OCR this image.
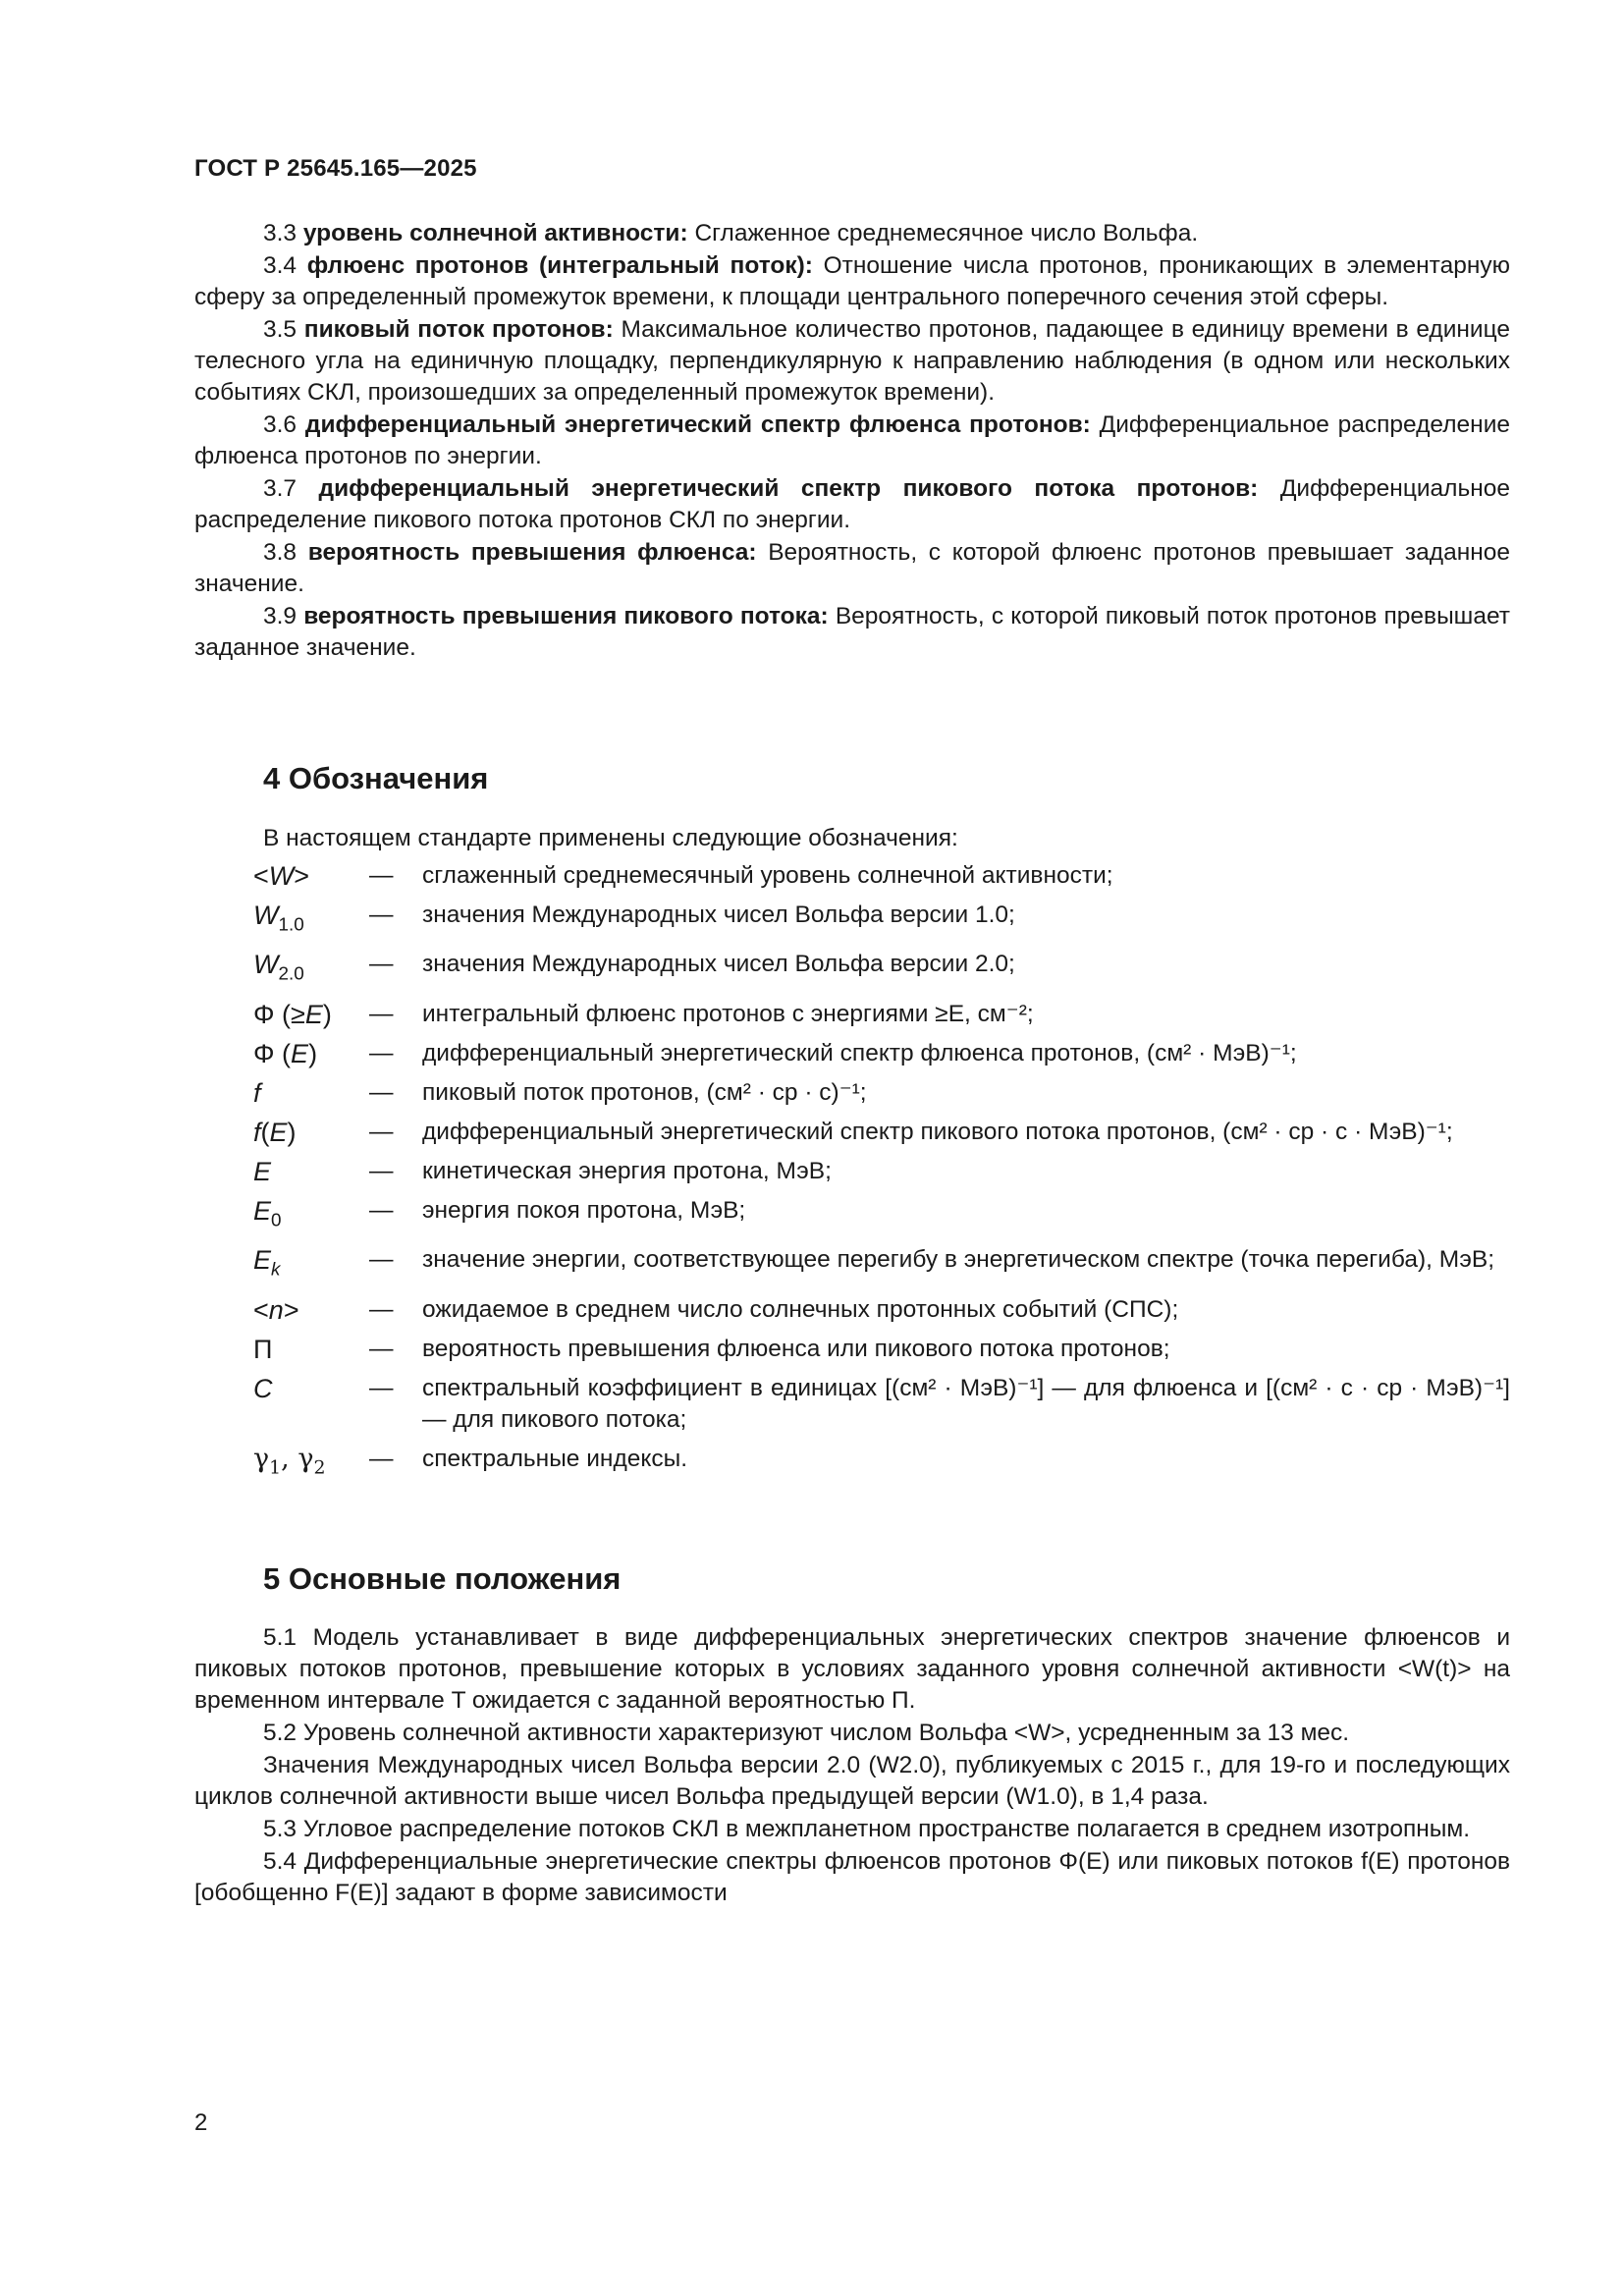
ГОСТ Р 25645.165—2025

3.3 уровень солнечной активности: Сглаженное среднемесячное число Вольфа.

3.4 флюенс протонов (интегральный поток): Отношение числа протонов, проникающих в элементарную сферу за определенный промежуток времени, к площади центрального поперечного сечения этой сферы.

3.5 пиковый поток протонов: Максимальное количество протонов, падающее в единицу времени в единице телесного угла на единичную площадку, перпендикулярную к направлению наблюдения (в одном или нескольких событиях СКЛ, произошедших за определенный промежуток времени).

3.6 дифференциальный энергетический спектр флюенса протонов: Дифференциальное распределение флюенса протонов по энергии.

3.7 дифференциальный энергетический спектр пикового потока протонов: Дифференциальное распределение пикового потока протонов СКЛ по энергии.

3.8 вероятность превышения флюенса: Вероятность, с которой флюенс протонов превышает заданное значение.

3.9 вероятность превышения пикового потока: Вероятность, с которой пиковый поток протонов превышает заданное значение.

4 Обозначения
В настоящем стандарте применены следующие обозначения:
<W>	—	сглаженный среднемесячный уровень солнечной активности;
$W_{1.0}$	—	значения Международных чисел Вольфа версии 1.0;
$W_{2.0}$	—	значения Международных чисел Вольфа версии 2.0;
Φ (≥E)	—	интегральный флюенс протонов с энергиями ≥E, см⁻²;
Φ (E)	—	дифференциальный энергетический спектр флюенса протонов, (см² · МэВ)⁻¹;
f	—	пиковый поток протонов, (см² · ср · с)⁻¹;
f(E)	—	дифференциальный энергетический спектр пикового потока протонов, (см² · ср · с · МэВ)⁻¹;
E	—	кинетическая энергия протона, МэВ;
$E_0$	—	энергия покоя протона, МэВ;
$E_k$	—	значение энергии, соответствующее перегибу в энергетическом спектре (точка перегиба), МэВ;
<n>	—	ожидаемое в среднем число солнечных протонных событий (СПС);
П	—	вероятность превышения флюенса или пикового потока протонов;
C	—	спектральный коэффициент в единицах [(см² · МэВ)⁻¹] — для флюенса и [(см² · с · ср · МэВ)⁻¹] — для пикового потока;
$\gamma_1$, $\gamma_2$	—	спектральные индексы.
5 Основные положения

5.1 Модель устанавливает в виде дифференциальных энергетических спектров значение флюенсов и пиковых потоков протонов, превышение которых в условиях заданного уровня солнечной активности <W(t)> на временном интервале T ожидается с заданной вероятностью П.

5.2 Уровень солнечной активности характеризуют числом Вольфа <W>, усредненным за 13 мес.

Значения Международных чисел Вольфа версии 2.0 (W2.0), публикуемых с 2015 г., для 19-го и последующих циклов солнечной активности выше чисел Вольфа предыдущей версии (W1.0), в 1,4 раза.

5.3 Угловое распределение потоков СКЛ в межпланетном пространстве полагается в среднем изотропным.

5.4 Дифференциальные энергетические спектры флюенсов протонов Φ(E) или пиковых потоков f(E) протонов [обобщенно F(E)] задают в форме зависимости

2
